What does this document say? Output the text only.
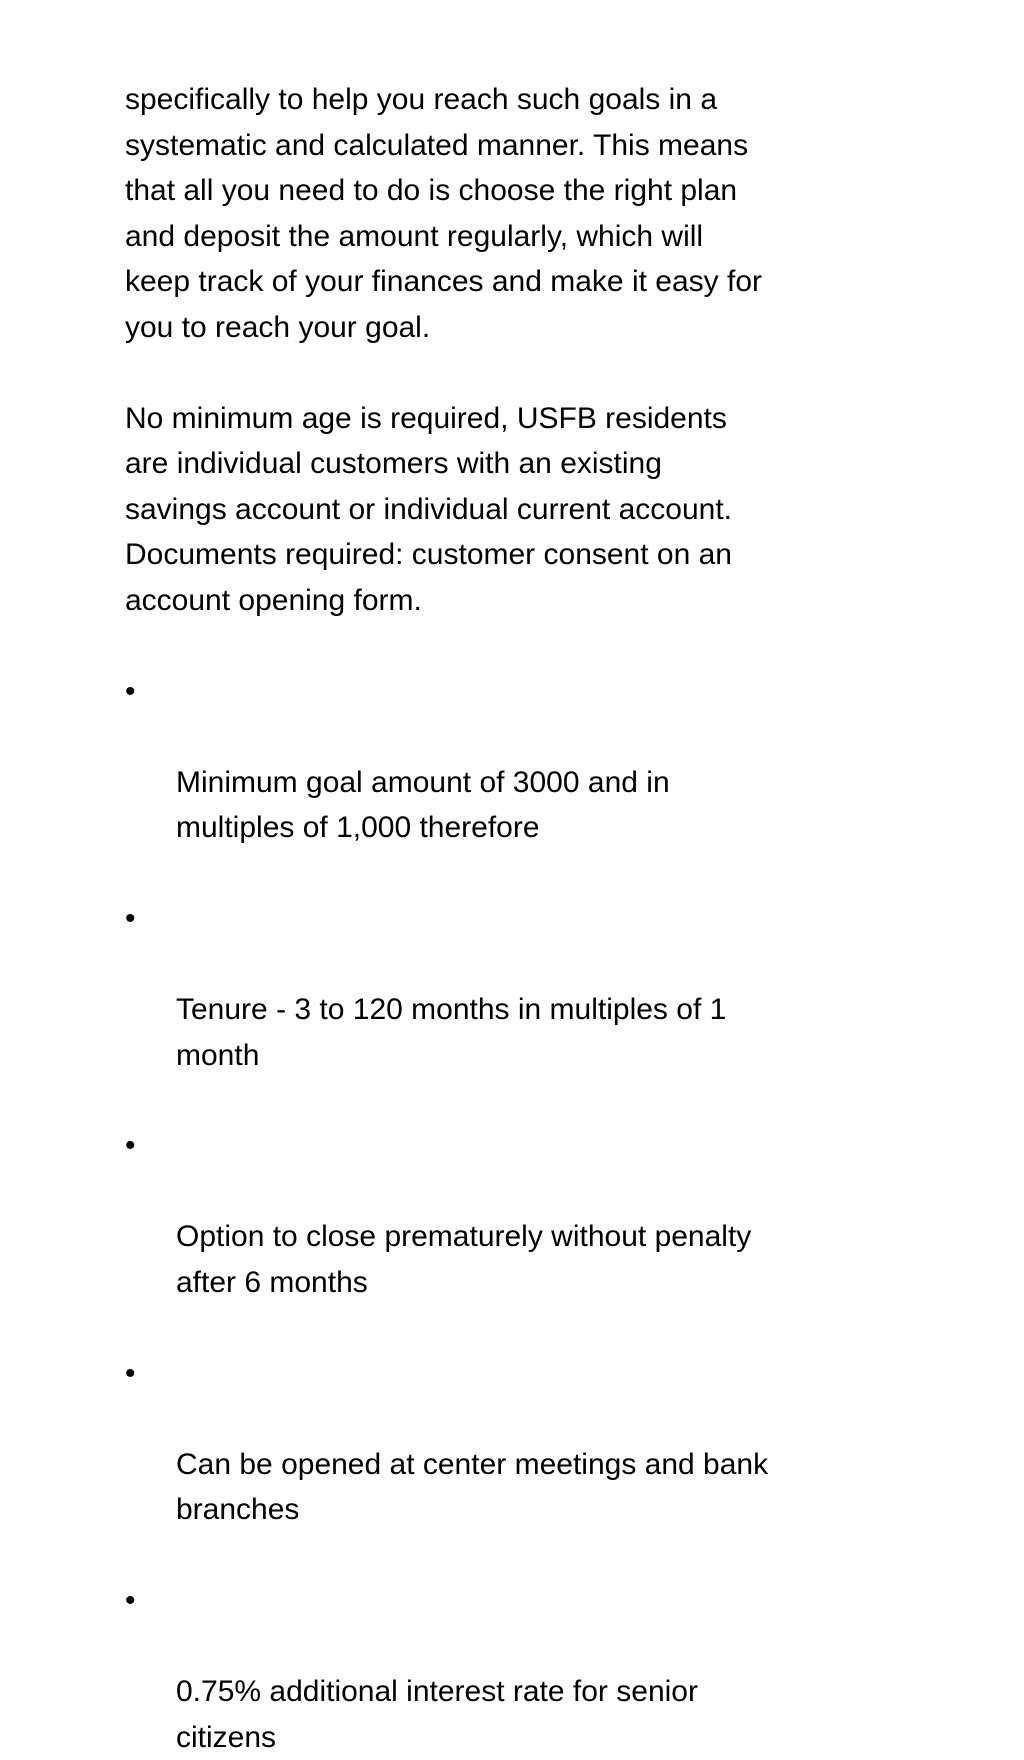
specifically to help you reach such goals in a
systematic and calculated manner. This means
that all you need to do is choose the right plan
and deposit the amount regularly, which will
keep track of your finances and make it easy for
you to reach your goal.

No minimum age is required, USFB residents
are individual customers with an existing
savings account or individual current account.
Documents required: customer consent on an
account opening form.

•

Minimum goal amount of 3000 and in
multiples of 1,000 therefore

•

Tenure - 3 to 120 months in multiples of 1
month

•

Option to close prematurely without penalty
after 6 months

•

Can be opened at center meetings and bank
branches

•

0.75% additional interest rate for senior
citizens
